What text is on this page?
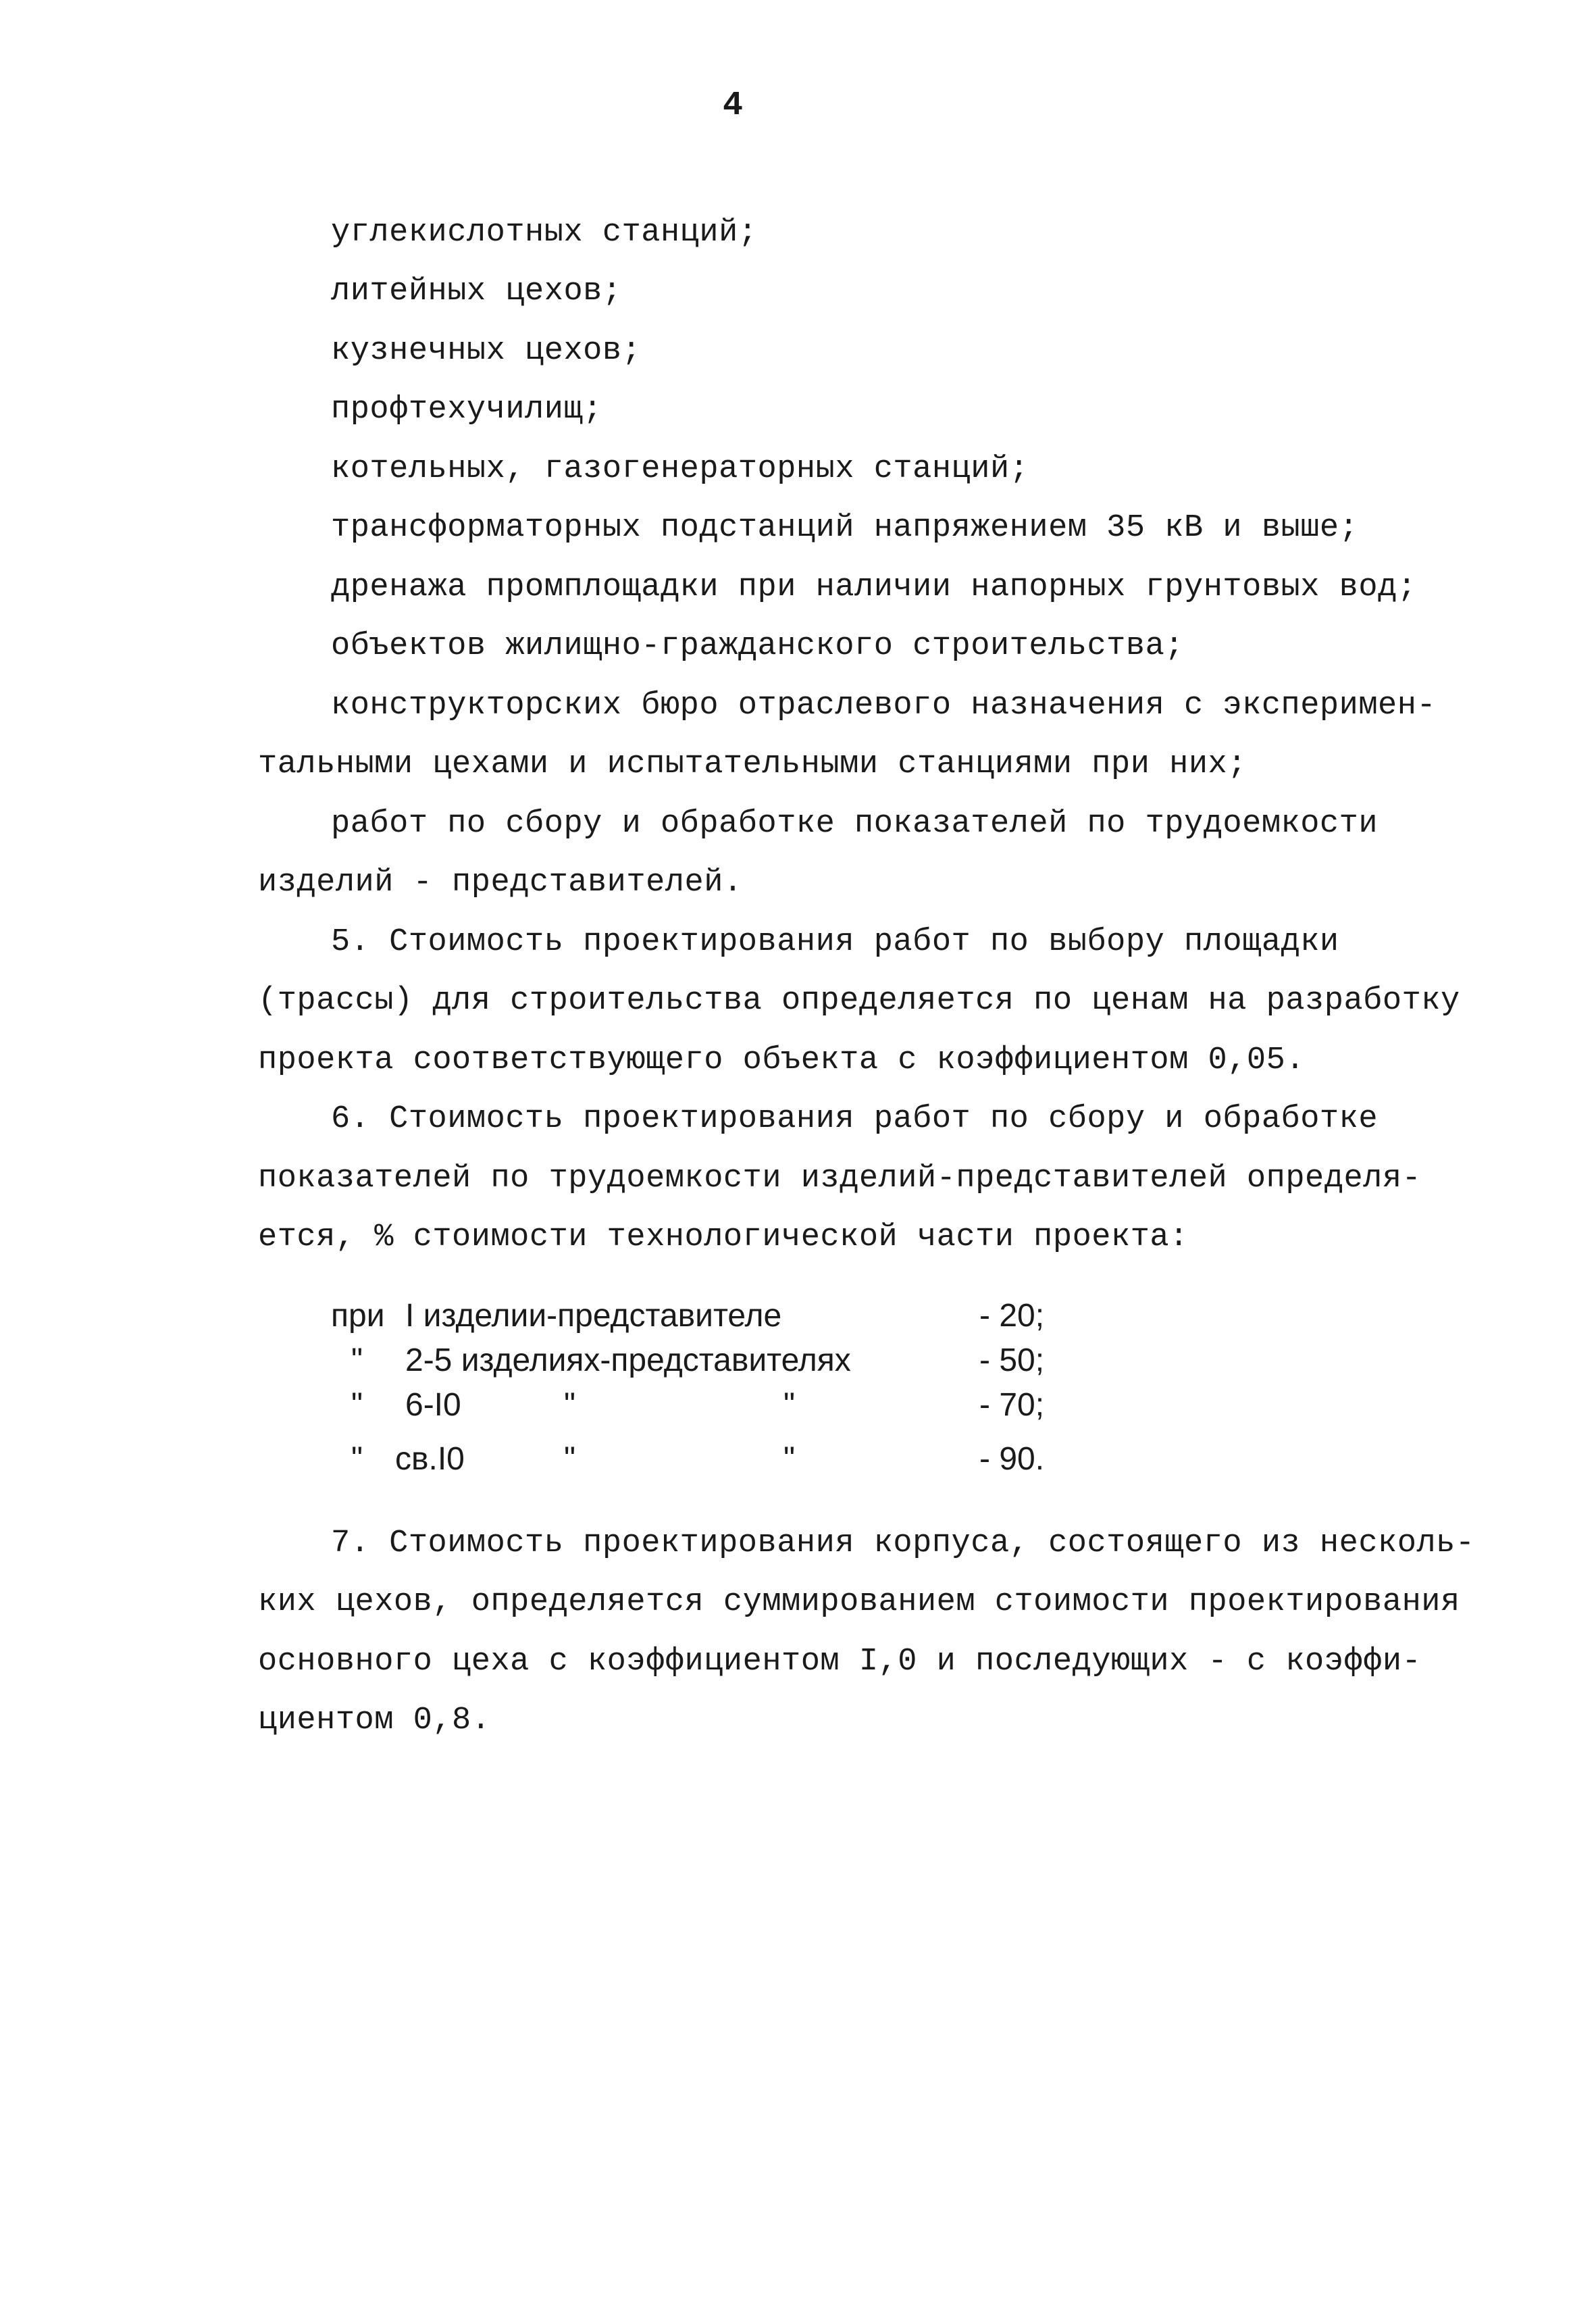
4
углекислотных станций;
литейных цехов;
кузнечных цехов;
профтехучилищ;
котельных, газогенераторных станций;
трансформаторных подстанций напряжением 35 кВ и выше;
дренажа промплощадки при наличии напорных грунтовых вод;
объектов жилищно-гражданского строительства;
конструкторских бюро отраслевого назначения с эксперимен-
тальными цехами и испытательными станциями при них;
работ по сбору и обработке показателей по трудоемкости
изделий - представителей.
5. Стоимость проектирования работ по выбору площадки
(трассы) для строительства определяется по ценам на разработку
проекта соответствующего объекта с коэффициентом 0,05.
6. Стоимость проектирования работ по сбору и обработке
показателей по трудоемкости изделий-представителей определя-
ется, % стоимости технологической части проекта:
при I изделии-представителе	- 20;
" 2-5 изделиях-представителях	- 50;
" 6-I0	"	"	- 70;
" св.I0	"	"	- 90.
7. Стоимость проектирования корпуса, состоящего из несколь-
ких цехов, определяется суммированием стоимости проектирования
основного цеха с коэффициентом I,0 и последующих - с коэффи-
циентом 0,8.
